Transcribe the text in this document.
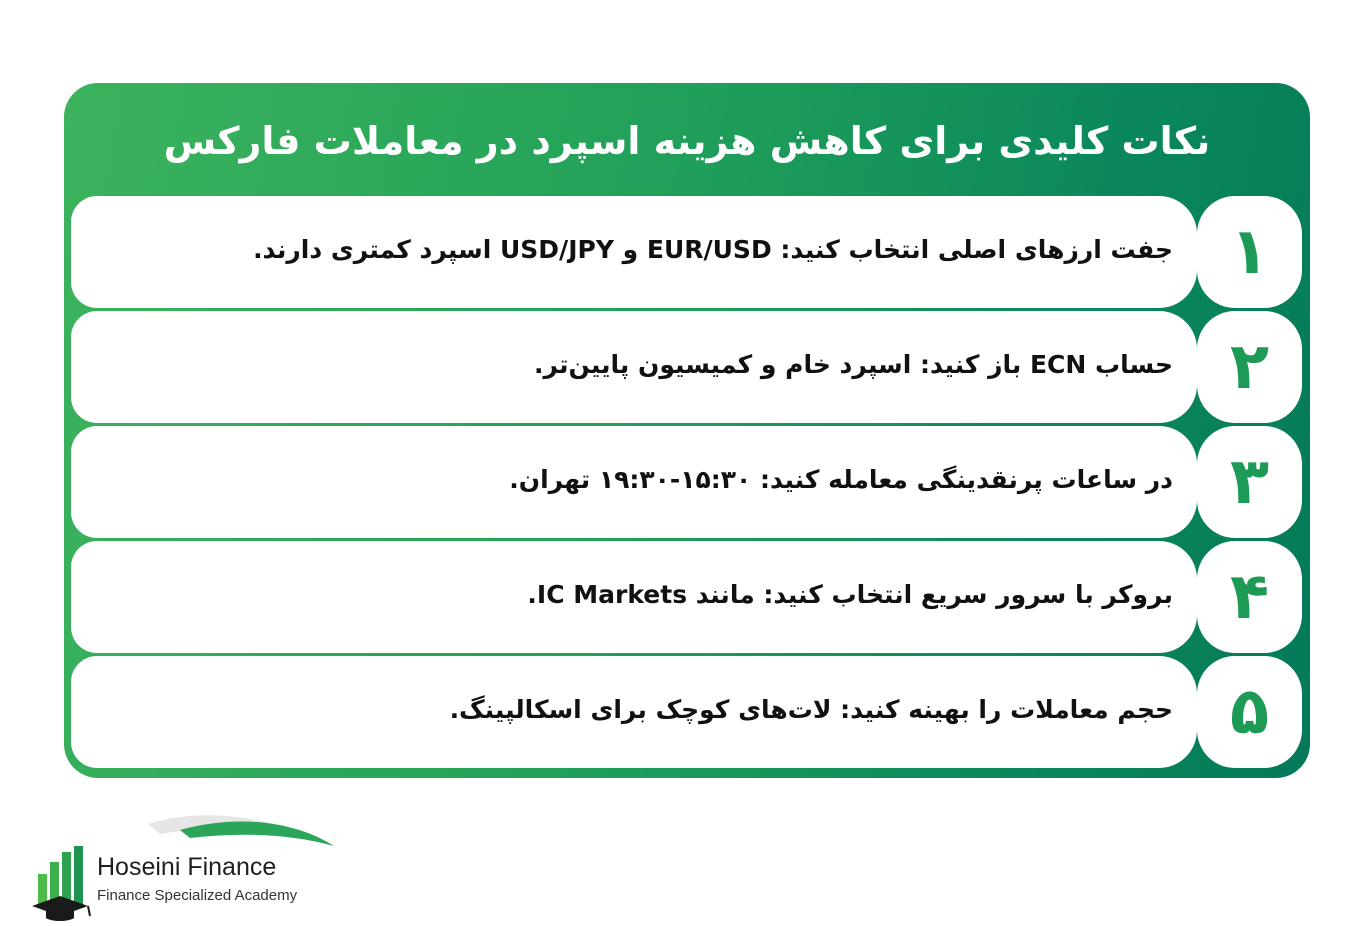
نکات کلیدی برای کاهش هزینه اسپرد در معاملات فارکس
جفت ارزهای اصلی انتخاب کنید: EUR/USD و USD/JPY اسپرد کمتری دارند. ۱
حساب ECN باز کنید: اسپرد خام و کمیسیون پایین‌تر. ۲
در ساعات پرنقدینگی معامله کنید: ۱۵:۳۰-۱۹:۳۰ تهران. ۳
بروکر با سرور سریع انتخاب کنید: مانند IC Markets. ۴
حجم معاملات را بهینه کنید: لات‌های کوچک برای اسکالپینگ. ۵
Hoseini Finance
Finance Specialized Academy
